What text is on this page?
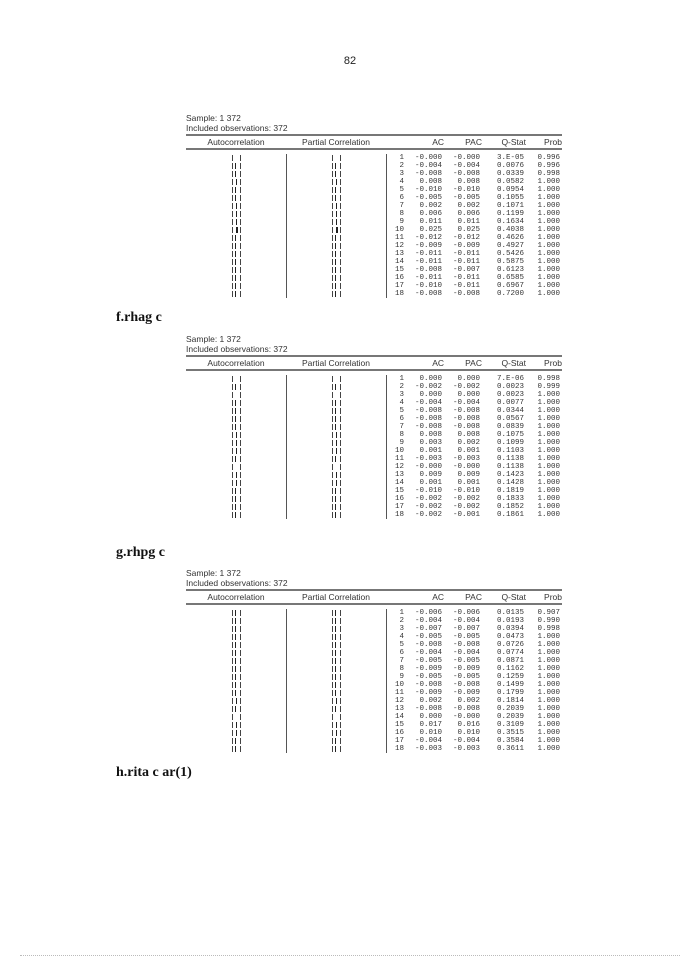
82
Sample: 1 372
Included observations: 372
Autocorrelation	Partial Correlation	AC	PAC	Q-Stat	Prob
1	-0.000	-0.000	3.E-05	0.996
2	-0.004	-0.004	0.0076	0.996
3	-0.008	-0.008	0.0339	0.998
4	0.008	0.008	0.0582	1.000
5	-0.010	-0.010	0.0954	1.000
6	-0.005	-0.005	0.1055	1.000
7	0.002	0.002	0.1071	1.000
8	0.006	0.006	0.1199	1.000
9	0.011	0.011	0.1634	1.000
10	0.025	0.025	0.4038	1.000
11	-0.012	-0.012	0.4626	1.000
12	-0.009	-0.009	0.4927	1.000
13	-0.011	-0.011	0.5426	1.000
14	-0.011	-0.011	0.5875	1.000
15	-0.008	-0.007	0.6123	1.000
16	-0.011	-0.011	0.6585	1.000
17	-0.010	-0.011	0.6967	1.000
18	-0.008	-0.008	0.7200	1.000
f.rhag c
Sample: 1 372
Included observations: 372
Autocorrelation	Partial Correlation	AC	PAC	Q-Stat	Prob
1	0.000	0.000	7.E-06	0.998
2	-0.002	-0.002	0.0023	0.999
3	0.000	0.000	0.0023	1.000
4	-0.004	-0.004	0.0077	1.000
5	-0.008	-0.008	0.0344	1.000
6	-0.008	-0.008	0.0567	1.000
7	-0.008	-0.008	0.0839	1.000
8	0.008	0.008	0.1075	1.000
9	0.003	0.002	0.1099	1.000
10	0.001	0.001	0.1103	1.000
11	-0.003	-0.003	0.1138	1.000
12	-0.000	-0.000	0.1138	1.000
13	0.009	0.009	0.1423	1.000
14	0.001	0.001	0.1428	1.000
15	-0.010	-0.010	0.1819	1.000
16	-0.002	-0.002	0.1833	1.000
17	-0.002	-0.002	0.1852	1.000
18	-0.002	-0.001	0.1861	1.000
g.rhpg c
Sample: 1 372
Included observations: 372
Autocorrelation	Partial Correlation	AC	PAC	Q-Stat	Prob
1	-0.006	-0.006	0.0135	0.907
2	-0.004	-0.004	0.0193	0.990
3	-0.007	-0.007	0.0394	0.998
4	-0.005	-0.005	0.0473	1.000
5	-0.008	-0.008	0.0726	1.000
6	-0.004	-0.004	0.0774	1.000
7	-0.005	-0.005	0.0871	1.000
8	-0.009	-0.009	0.1162	1.000
9	-0.005	-0.005	0.1259	1.000
10	-0.008	-0.008	0.1499	1.000
11	-0.009	-0.009	0.1799	1.000
12	0.002	0.002	0.1814	1.000
13	-0.008	-0.008	0.2039	1.000
14	0.000	-0.000	0.2039	1.000
15	0.017	0.016	0.3109	1.000
16	0.010	0.010	0.3515	1.000
17	-0.004	-0.004	0.3584	1.000
18	-0.003	-0.003	0.3611	1.000
h.rita c ar(1)
